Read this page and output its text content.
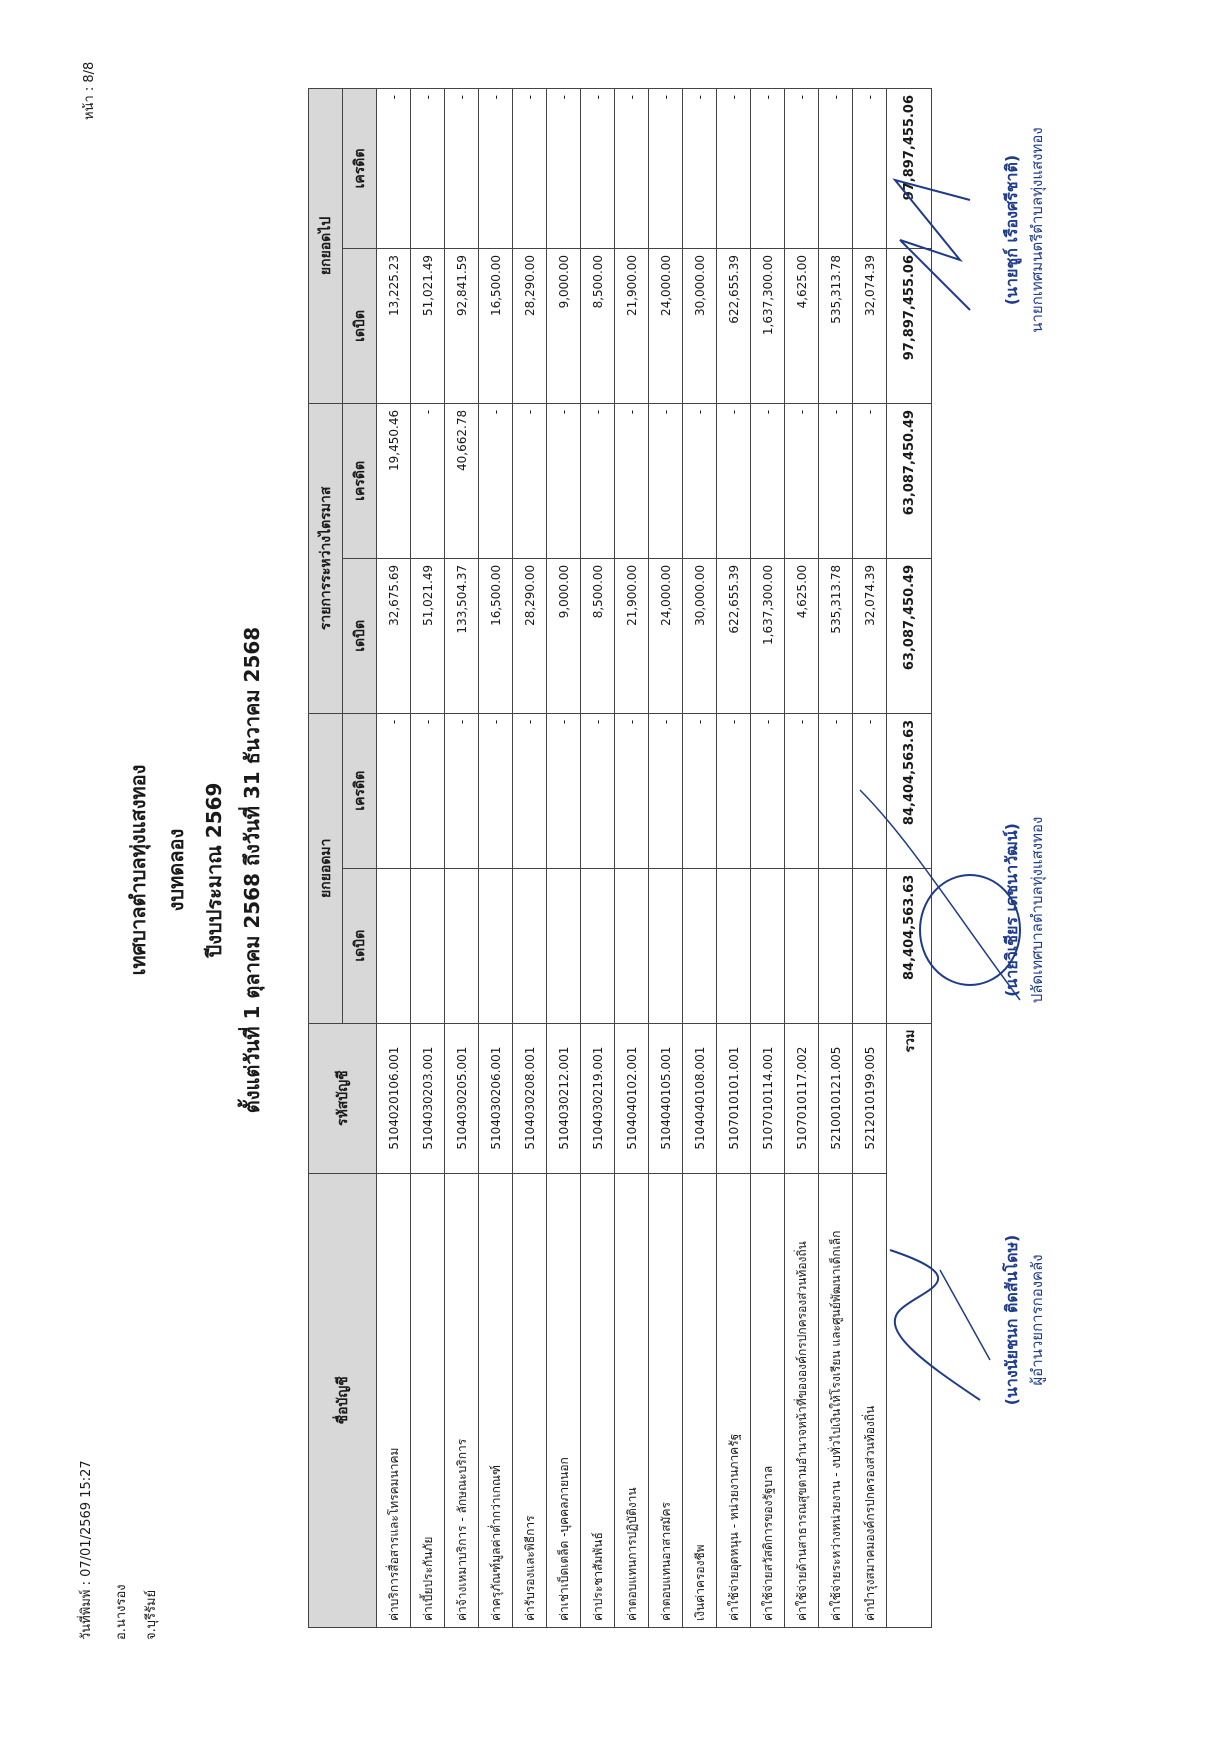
วันที่พิมพ์ : 07/01/2569 15:27	อ.นางรอง	จ.บุรีรัมย์
หน้า : 8/8
เทศบาลตำบลทุ่งแสงทอง งบทดลอง ปีงบประมาณ 2569 ตั้งแต่วันที่ 1 ตุลาคม 2568 ถึงวันที่ 31 ธันวาคม 2568
ชื่อบัญชี	รหัสบัญชี	ยกยอดมา		รายการระหว่างไตรมาส		ยกยอดไป	
		เดบิต	เครดิต	เดบิต	เครดิต	เดบิต	เครดิต
ค่าบริการสื่อสารและโทรคมนาคม	5104020106.001		-	32,675.69	19,450.46	13,225.23	-
ค่าเบี้ยประกันภัย	5104030203.001		-	51,021.49	-	51,021.49	-
ค่าจ้างเหมาบริการ - ลักษณะบริการ	5104030205.001		-	133,504.37	40,662.78	92,841.59	-
ค่าครุภัณฑ์มูลค่าต่ำกว่าเกณฑ์	5104030206.001		-	16,500.00	-	16,500.00	-
ค่ารับรองและพิธีการ	5104030208.001		-	28,290.00	-	28,290.00	-
ค่าเช่าเบ็ดเตล็ด -บุคคลภายนอก	5104030212.001		-	9,000.00	-	9,000.00	-
ค่าประชาสัมพันธ์	5104030219.001		-	8,500.00	-	8,500.00	-
ค่าตอบแทนการปฏิบัติงาน	5104040102.001		-	21,900.00	-	21,900.00	-
ค่าตอบแทนอาสาสมัคร	5104040105.001		-	24,000.00	-	24,000.00	-
เงินค่าครองชีพ	5104040108.001		-	30,000.00	-	30,000.00	-
ค่าใช้จ่ายอุดหนุน - หน่วยงานภาครัฐ	5107010101.001		-	622,655.39	-	622,655.39	-
ค่าใช้จ่ายสวัสดิการของรัฐบาล	5107010114.001		-	1,637,300.00	-	1,637,300.00	-
ค่าใช้จ่ายด้านสาธารณสุขตามอำนาจหน้าที่ขององค์กรปกครองส่วนท้องถิ่น	5107010117.002		-	4,625.00	-	4,625.00	-
ค่าใช้จ่ายระหว่างหน่วยงาน - งบทั่วไปเงินให้โรงเรียน และศูนย์พัฒนาเด็กเล็ก	5210010121.005		-	535,313.78	-	535,313.78	-
ค่าบำรุงสมาคมองค์กรปกครองส่วนท้องถิ่น	5212010199.005		-	32,074.39	-	32,074.39	-
รวม		84,404,563.63	84,404,563.63	63,087,450.49	63,087,450.49	97,897,455.06	97,897,455.06
(นางนัยชนก ติดสันโดษ) ผู้อำนวยการกองคลัง
(นายวิเชียร เดชนาวัฒน์) ปลัดเทศบาลตำบลทุ่งแสงทอง
(นายชูก์ เรืองศรีชาติ) นายกเทศมนตรีตำบลทุ่งแสงทอง
